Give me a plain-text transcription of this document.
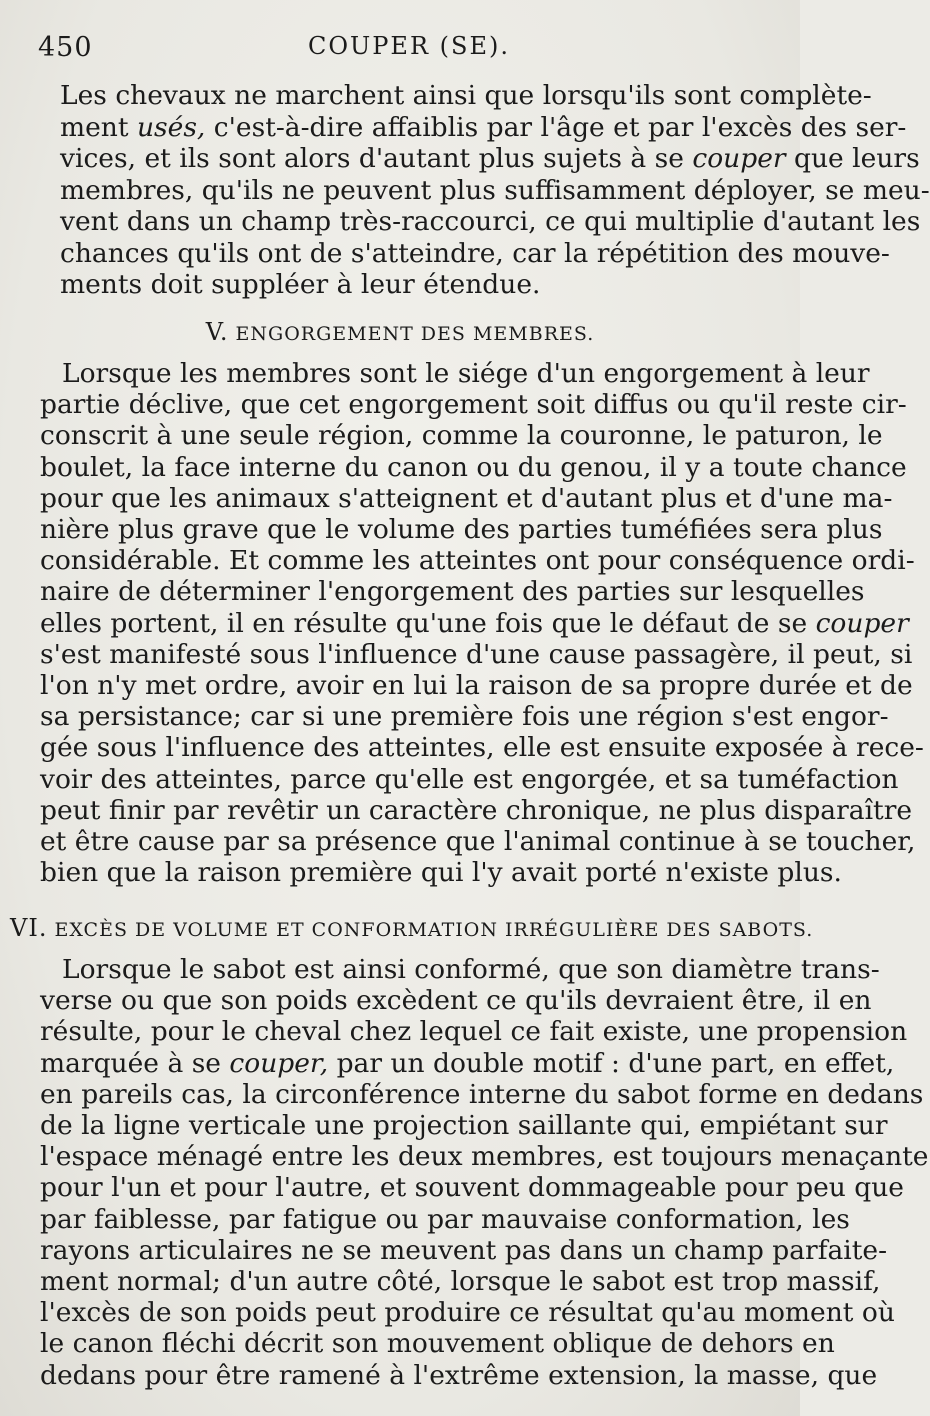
450	COUPER (SE).
Les chevaux ne marchent ainsi que lorsqu'ils sont complète-
ment usés, c'est-à-dire affaiblis par l'âge et par l'excès des ser-
vices, et ils sont alors d'autant plus sujets à se couper que leurs
membres, qu'ils ne peuvent plus suffisamment déployer, se meu-
vent dans un champ très-raccourci, ce qui multiplie d'autant les
chances qu'ils ont de s'atteindre, car la répétition des mouve-
ments doit suppléer à leur étendue.
V. ENGORGEMENT DES MEMBRES.
Lorsque les membres sont le siége d'un engorgement à leur
partie déclive, que cet engorgement soit diffus ou qu'il reste cir-
conscrit à une seule région, comme la couronne, le paturon, le
boulet, la face interne du canon ou du genou, il y a toute chance
pour que les animaux s'atteignent et d'autant plus et d'une ma-
nière plus grave que le volume des parties tuméfiées sera plus
considérable. Et comme les atteintes ont pour conséquence ordi-
naire de déterminer l'engorgement des parties sur lesquelles
elles portent, il en résulte qu'une fois que le défaut de se couper
s'est manifesté sous l'influence d'une cause passagère, il peut, si
l'on n'y met ordre, avoir en lui la raison de sa propre durée et de
sa persistance; car si une première fois une région s'est engor-
gée sous l'influence des atteintes, elle est ensuite exposée à rece-
voir des atteintes, parce qu'elle est engorgée, et sa tuméfaction
peut finir par revêtir un caractère chronique, ne plus disparaître
et être cause par sa présence que l'animal continue à se toucher,
bien que la raison première qui l'y avait porté n'existe plus.
VI. EXCÈS DE VOLUME ET CONFORMATION IRRÉGULIÈRE DES SABOTS.
Lorsque le sabot est ainsi conformé, que son diamètre trans-
verse ou que son poids excèdent ce qu'ils devraient être, il en
résulte, pour le cheval chez lequel ce fait existe, une propension
marquée à se couper, par un double motif : d'une part, en effet,
en pareils cas, la circonférence interne du sabot forme en dedans
de la ligne verticale une projection saillante qui, empiétant sur
l'espace ménagé entre les deux membres, est toujours menaçante
pour l'un et pour l'autre, et souvent dommageable pour peu que
par faiblesse, par fatigue ou par mauvaise conformation, les
rayons articulaires ne se meuvent pas dans un champ parfaite-
ment normal; d'un autre côté, lorsque le sabot est trop massif,
l'excès de son poids peut produire ce résultat qu'au moment où
le canon fléchi décrit son mouvement oblique de dehors en
dedans pour être ramené à l'extrême extension, la masse, que
